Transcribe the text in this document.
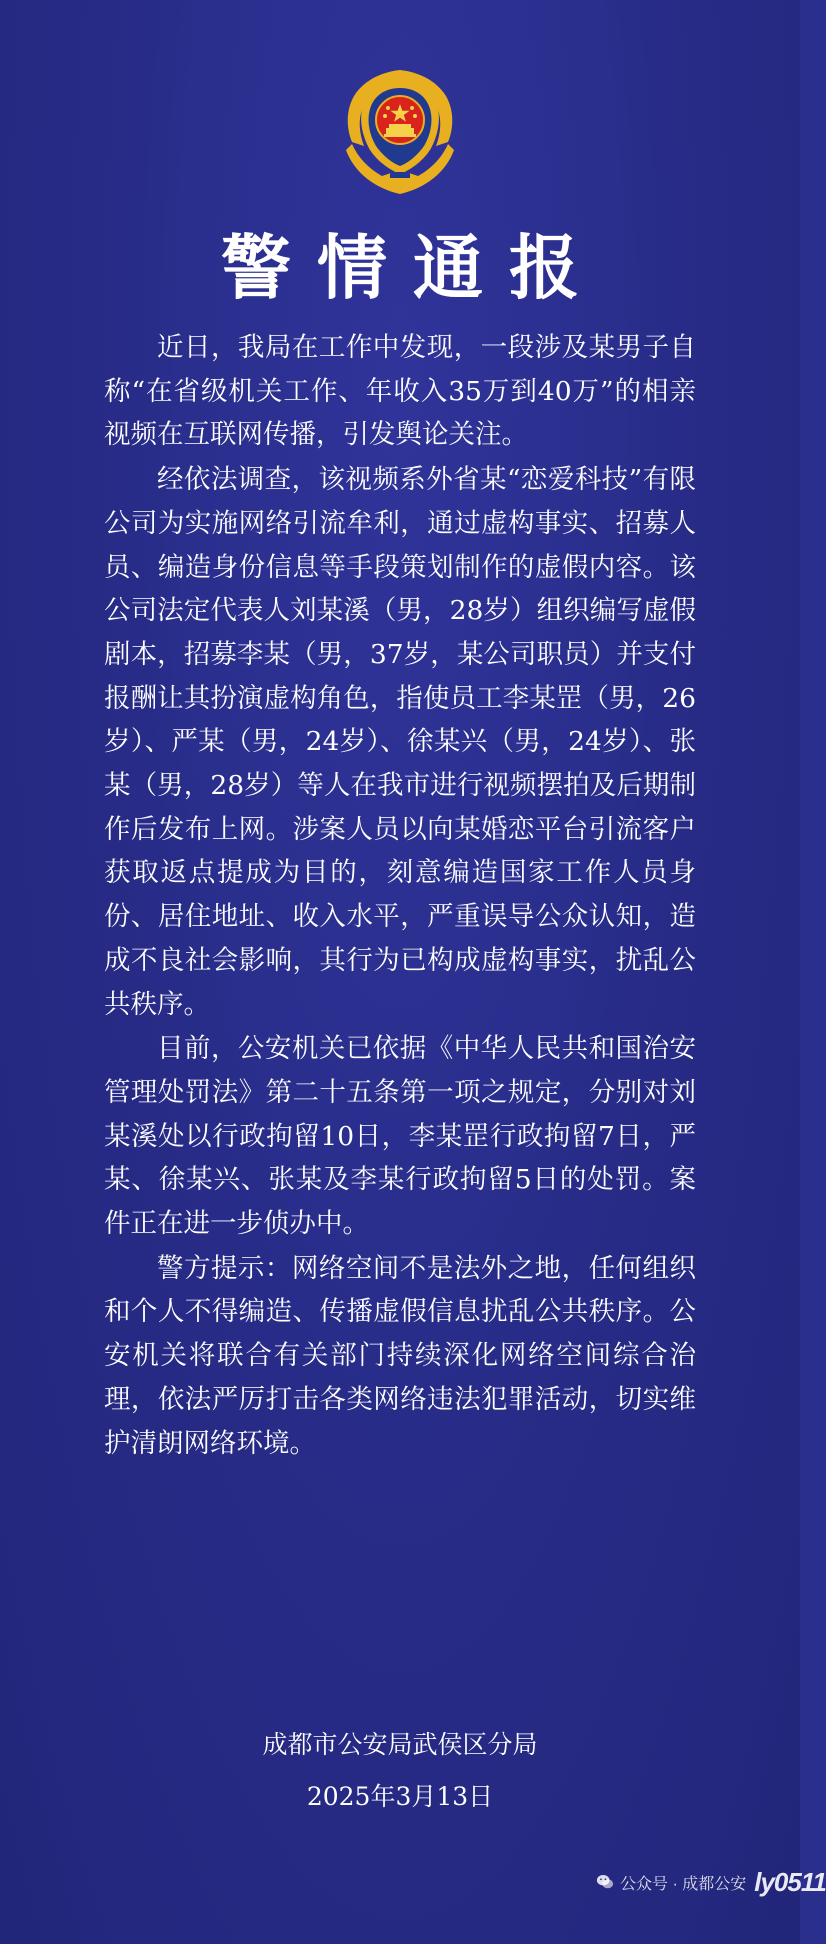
警情通报

近日，我局在工作中发现，一段涉及某男子自称“在省级机关工作、年收入35万到40万”的相亲视频在互联网传播，引发舆论关注。

经依法调查，该视频系外省某“恋爱科技”有限公司为实施网络引流牟利，通过虚构事实、招募人员、编造身份信息等手段策划制作的虚假内容。该公司法定代表人刘某溪（男，28岁）组织编写虚假剧本，招募李某（男，37岁，某公司职员）并支付报酬让其扮演虚构角色，指使员工李某罡（男，26岁）、严某（男，24岁）、徐某兴（男，24岁）、张某（男，28岁）等人在我市进行视频摆拍及后期制作后发布上网。涉案人员以向某婚恋平台引流客户获取返点提成为目的，刻意编造国家工作人员身份、居住地址、收入水平，严重误导公众认知，造成不良社会影响，其行为已构成虚构事实，扰乱公共秩序。

目前，公安机关已依据《中华人民共和国治安管理处罚法》第二十五条第一项之规定，分别对刘某溪处以行政拘留10日，李某罡行政拘留7日，严某、徐某兴、张某及李某行政拘留5日的处罚。案件正在进一步侦办中。

警方提示：网络空间不是法外之地，任何组织和个人不得编造、传播虚假信息扰乱公共秩序。公安机关将联合有关部门持续深化网络空间综合治理，依法严厉打击各类网络违法犯罪活动，切实维护清朗网络环境。

成都市公安局武侯区分局
2025年3月13日
公众号 · 成都公安 ly0511
